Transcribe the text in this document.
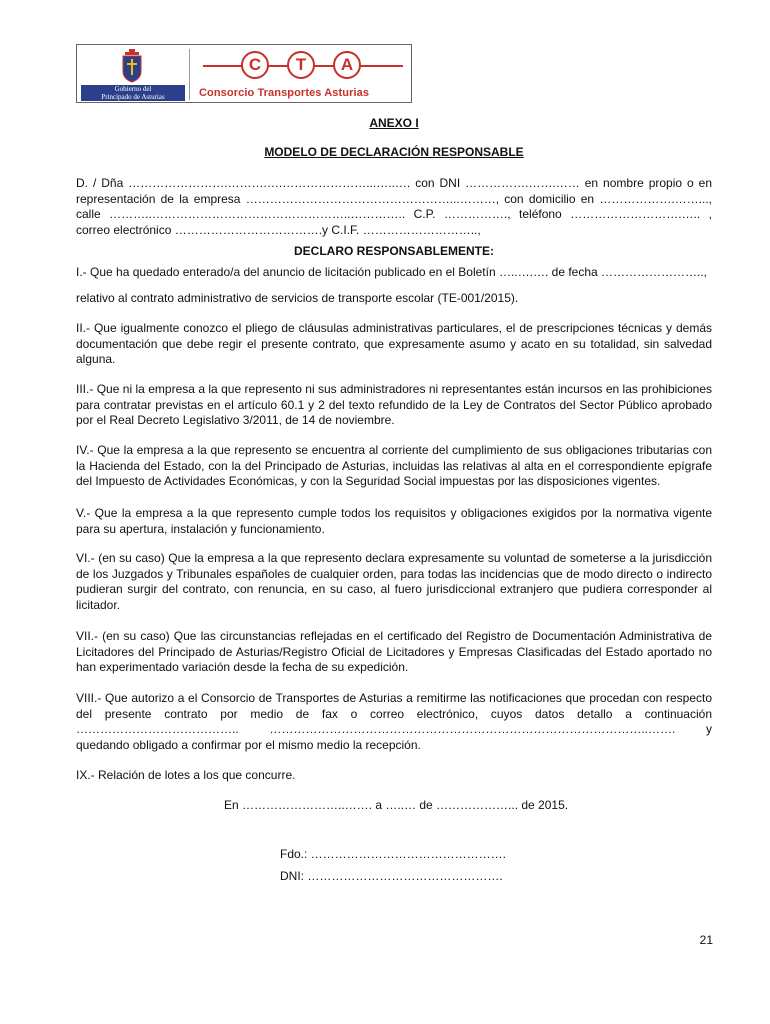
Gobierno del
Principado de Asturias
C	T	A
Consorcio Transportes Asturias
ANEXO I
MODELO DE DECLARACIÓN RESPONSABLE
D. / Dña …………………….……….….…………………...…..…. con DNI …………….…….…… en nombre propio o en representación de la empresa ……………………………………………...………, con domicilio en ……………….……..., calle ………..…………………………………………..………….. C.P. ……………., teléfono ……………………….….. , correo electrónico ……………………………….y C.I.F. ………………………..,
DECLARO RESPONSABLEMENTE:
I.- Que ha quedado enterado/a del anuncio de licitación publicado en el Boletín …..….…. de fecha ……………………..,
relativo al contrato administrativo de servicios de transporte escolar (TE-001/2015).
II.- Que igualmente conozco el pliego de cláusulas administrativas particulares, el de prescripciones técnicas y demás documentación que debe regir el presente contrato, que expresamente asumo y acato en su totalidad, sin salvedad alguna.
III.- Que ni la empresa a la que represento ni sus administradores ni representantes están incursos en las prohibiciones para contratar previstas en el artículo 60.1 y 2 del texto refundido de la Ley de Contratos del Sector Público aprobado por el Real Decreto Legislativo 3/2011, de 14 de noviembre.
IV.- Que la empresa a la que represento se encuentra al corriente del cumplimiento de sus obligaciones tributarias con la Hacienda del Estado, con la del Principado de Asturias, incluidas las relativas al alta en el correspondiente epígrafe del Impuesto de Actividades Económicas, y con la Seguridad Social impuestas por las disposiciones vigentes.
V.- Que la empresa a la que represento cumple todos los requisitos y obligaciones exigidos por la normativa vigente para su apertura, instalación y funcionamiento.
VI.- (en su caso) Que la empresa a la que represento declara expresamente su voluntad de someterse a la jurisdicción de los Juzgados y Tribunales españoles de cualquier orden, para todas las incidencias que de modo directo o indirecto pudieran surgir del contrato, con renuncia, en su caso, al fuero jurisdiccional extranjero que pudiera corresponder al licitador.
VII.- (en su caso) Que las circunstancias reflejadas en el certificado del Registro de Documentación Administrativa de Licitadores del Principado de Asturias/Registro Oficial de Licitadores y Empresas Clasificadas del Estado aportado no han experimentado variación desde la fecha de su expedición.
VIII.- Que autorizo a el Consorcio de Transportes de Asturias a remitirme las notificaciones que procedan con respecto del presente contrato por medio de fax o correo electrónico, cuyos datos detallo a continuación ………………………………….. …………………………………………………………………………………..……. y quedando obligado a confirmar por el mismo medio la recepción.
IX.- Relación de lotes a los que concurre.
En ……………………..……. a …..… de ………………... de 2015.
Fdo.: ………………………………………….
DNI: ………………………………………….
21
